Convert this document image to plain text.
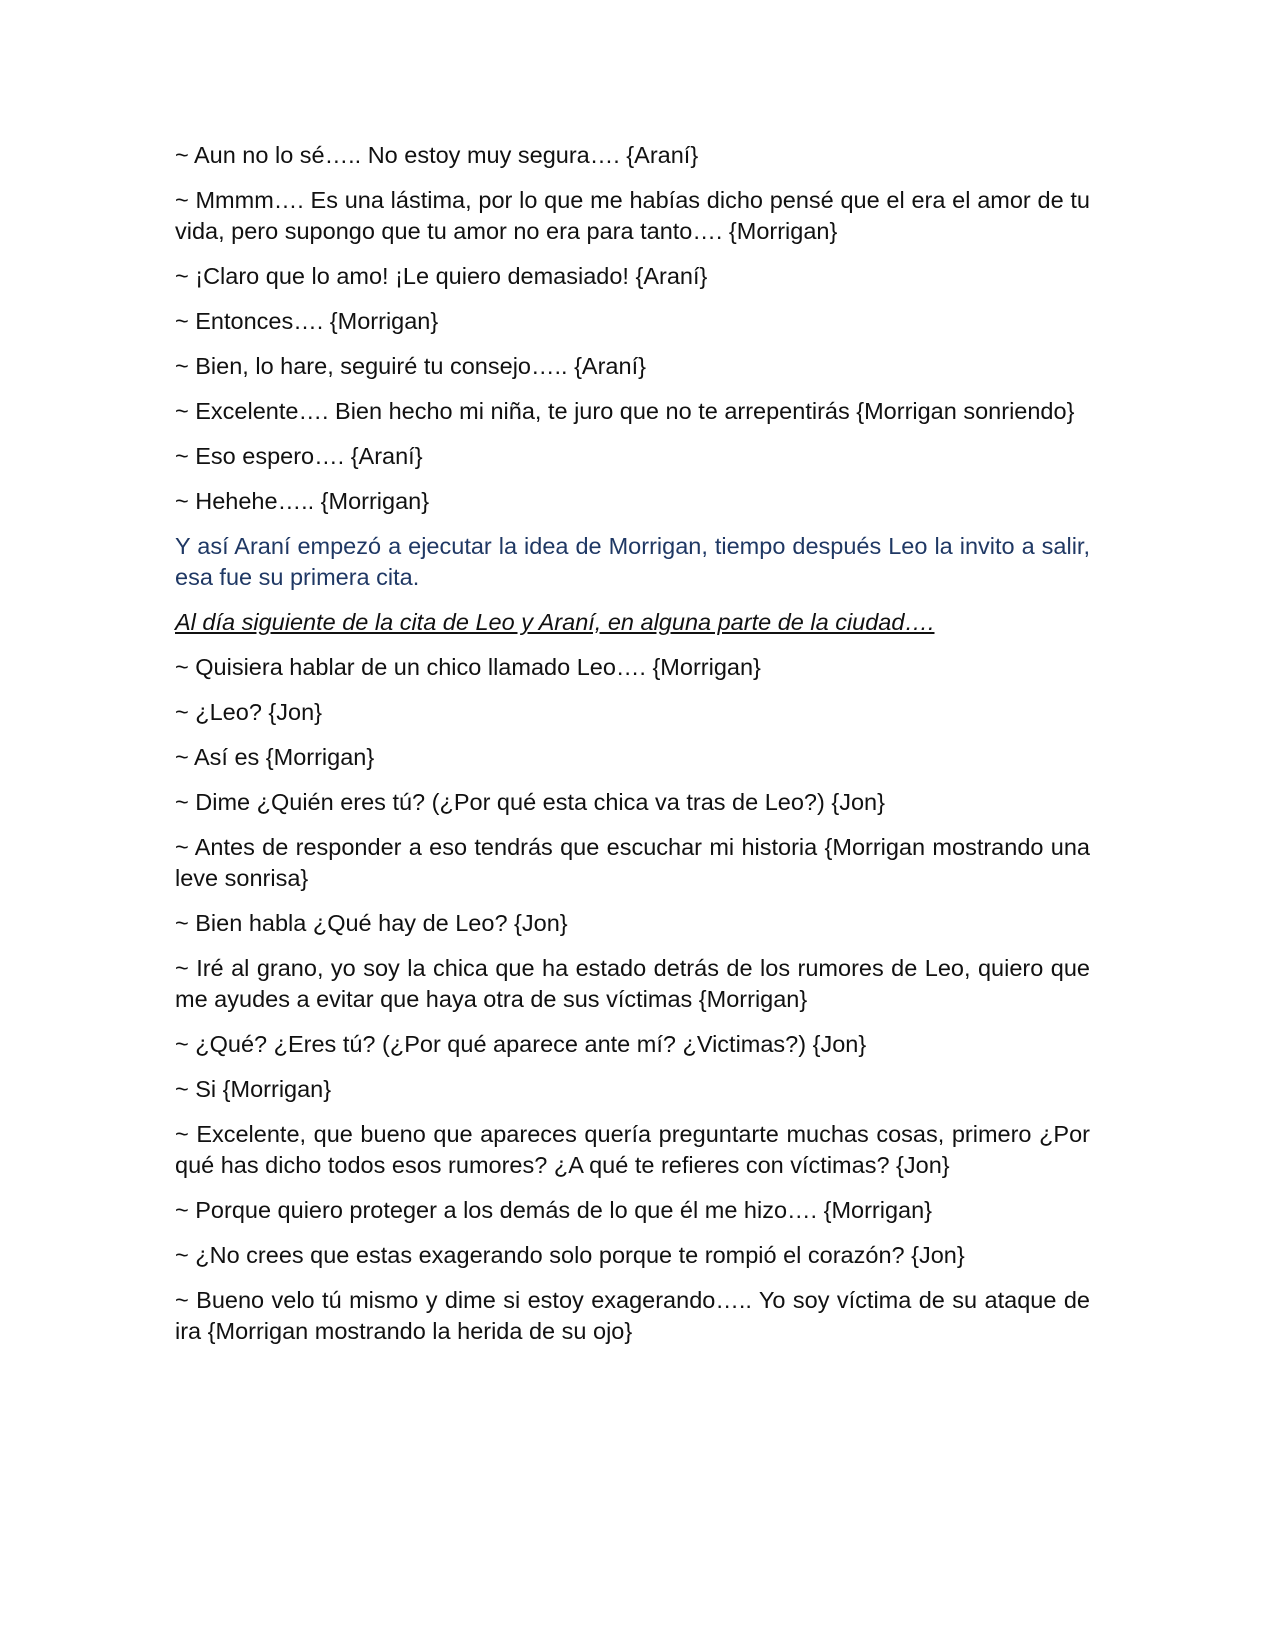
~ Aun no lo sé….. No estoy muy segura…. {Araní}

~ Mmmm…. Es una lástima, por lo que me habías dicho pensé que el era el amor de tu vida, pero supongo que tu amor no era para tanto…. {Morrigan}

~ ¡Claro que lo amo! ¡Le quiero demasiado! {Araní}

~ Entonces…. {Morrigan}

~ Bien, lo hare, seguiré tu consejo….. {Araní}

~ Excelente…. Bien hecho mi niña, te juro que no te arrepentirás {Morrigan sonriendo}

~ Eso espero…. {Araní}

~ Hehehe….. {Morrigan}

Y así Araní empezó a ejecutar la idea de Morrigan, tiempo después Leo la invito a salir, esa fue su primera cita.

Al día siguiente de la cita de Leo y Araní, en alguna parte de la ciudad….

~ Quisiera hablar de un chico llamado Leo…. {Morrigan}

~ ¿Leo? {Jon}

~ Así es {Morrigan}

~ Dime ¿Quién eres tú? (¿Por qué esta chica va tras de Leo?) {Jon}

~ Antes de responder a eso tendrás que escuchar mi historia {Morrigan mostrando una leve sonrisa}

~ Bien habla ¿Qué hay de Leo? {Jon}

~ Iré al grano, yo soy la chica que ha estado detrás de los rumores de Leo, quiero que me ayudes a evitar que haya otra de sus víctimas {Morrigan}

~ ¿Qué? ¿Eres tú? (¿Por qué aparece ante mí? ¿Victimas?) {Jon}

~ Si {Morrigan}

~ Excelente, que bueno que apareces quería preguntarte muchas cosas, primero ¿Por qué has dicho todos esos rumores? ¿A qué te refieres con víctimas? {Jon}

~ Porque quiero proteger a los demás de lo que él me hizo…. {Morrigan}

~ ¿No crees que estas exagerando solo porque te rompió el corazón? {Jon}

~ Bueno velo tú mismo y dime si estoy exagerando….. Yo soy víctima de su ataque de ira {Morrigan mostrando la herida de su ojo}
